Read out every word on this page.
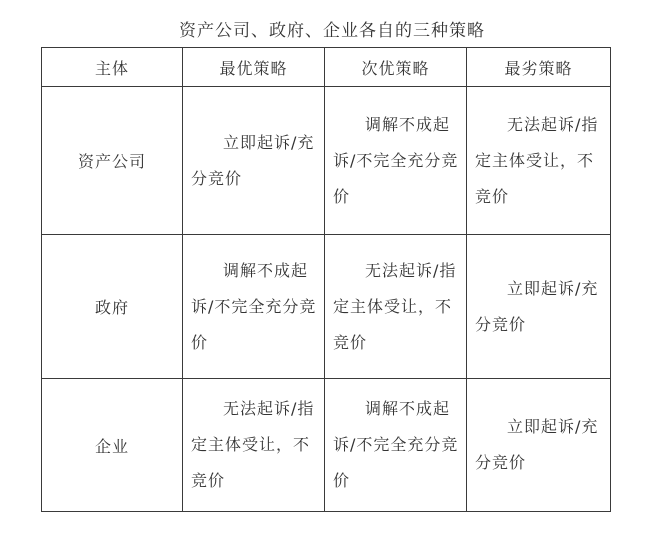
资产公司、政府、企业各自的三种策略
主体	最优策略	次优策略	最劣策略
资产公司	立即起诉/充分竞价	调解不成起诉/不完全充分竞价	无法起诉/指定主体受让，不竞价

政府	调解不成起诉/不完全充分竞价	无法起诉/指定主体受让，不竞价	立即起诉/充分竞价

企业	无法起诉/指定主体受让，不竞价	调解不成起诉/不完全充分竞价	立即起诉/充分竞价
